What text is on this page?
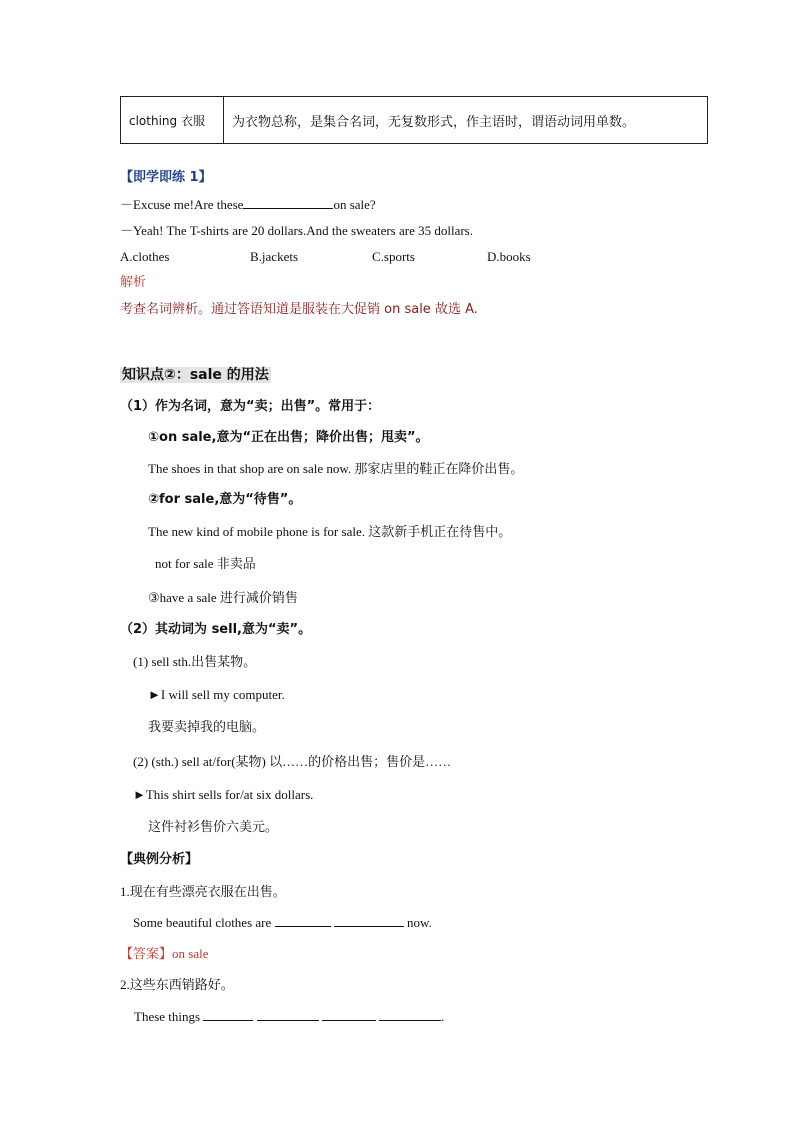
clothing 衣服	为衣物总称，是集合名词，无复数形式，作主语时，谓语动词用单数。
【即学即练 1】
－Excuse me!Are these	on sale?
－Yeah! The T-shirts are 20 dollars.And the sweaters are 35 dollars.
A.clothes	B.jackets	C.sports	D.books
解析
考查名词辨析。通过答语知道是服装在大促销 on sale 故选 A.
知识点②：sale 的用法
（1）作为名词，意为“卖；出售”。常用于：
①on sale,意为“正在出售；降价出售；甩卖”。
The shoes in that shop are on sale now. 那家店里的鞋正在降价出售。
②for sale,意为“待售”。
The new kind of mobile phone is for sale. 这款新手机正在待售中。
not for sale 非卖品
③have a sale 进行减价销售
（2）其动词为 sell,意为“卖”。
(1) sell sth.出售某物。
►I will sell my computer.
我要卖掉我的电脑。
(2) (sth.) sell at/for(某物) 以……的价格出售；售价是……
►This shirt sells for/at six dollars.
这件衬衫售价六美元。
【典例分析】
1.现在有些漂亮衣服在出售。
Some beautiful clothes are	now.
【答案】on sale
2.这些东西销路好。
These things	.
